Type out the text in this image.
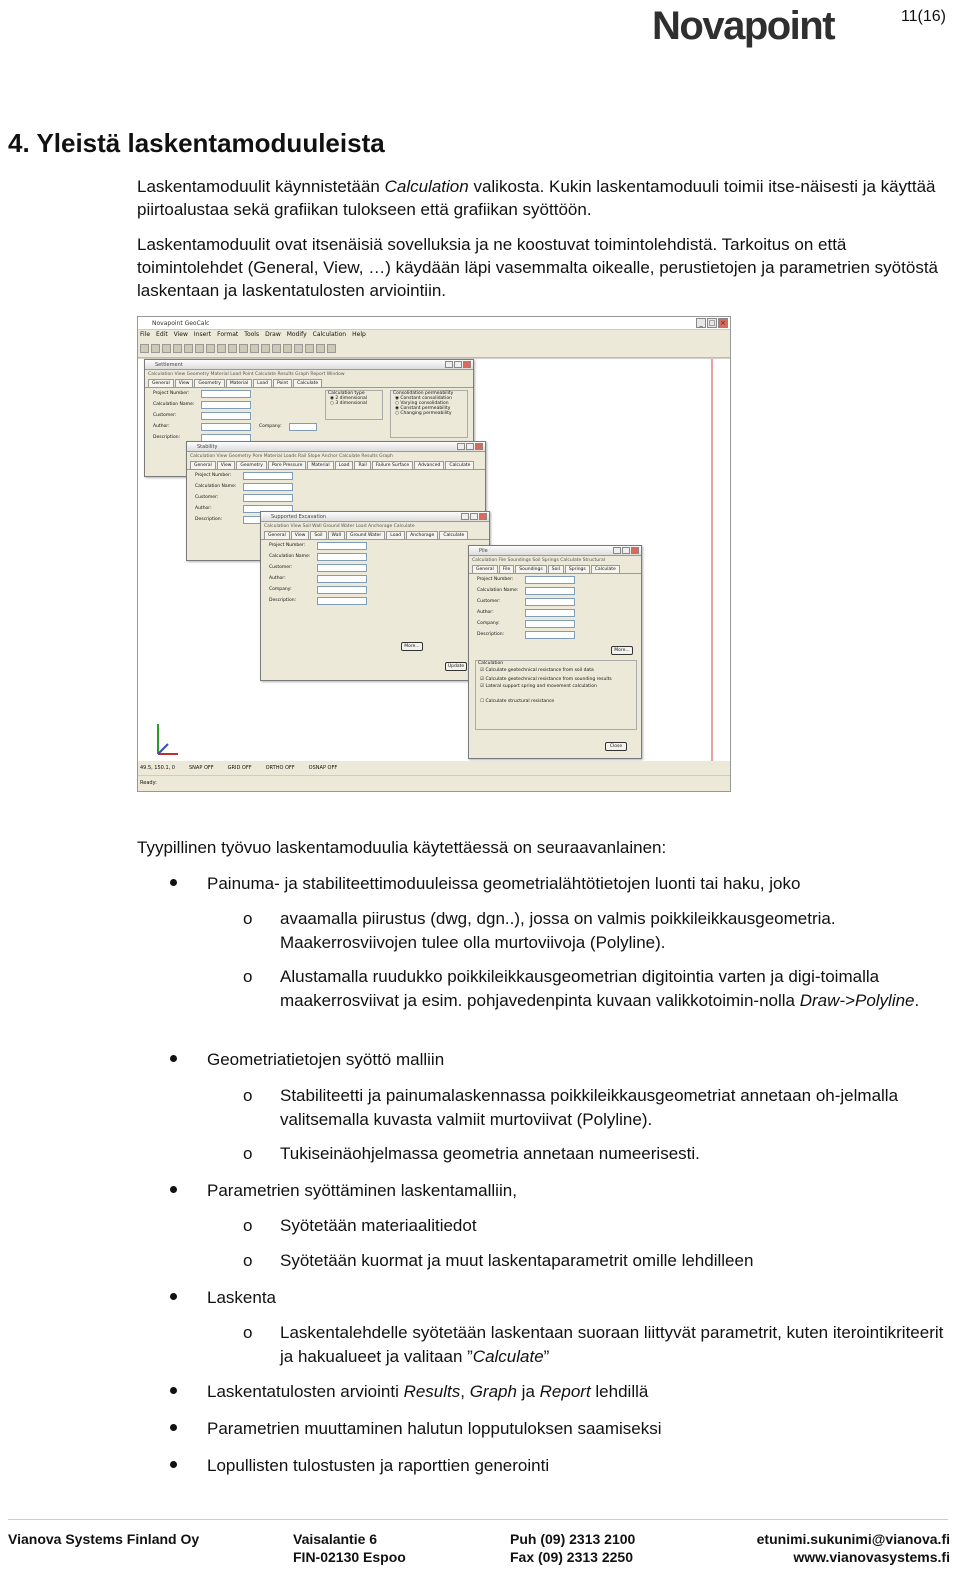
Novapoint	11(16)
4. Yleistä laskentamoduuleista

Laskentamoduulit käynnistetään Calculation valikosta. Kukin laskentamoduuli toimii itse-näisesti ja käyttää piirtoalustaa sekä grafiikan tulokseen että grafiikan syöttöön.

Laskentamoduulit ovat itsenäisiä sovelluksia ja ne koostuvat toimintolehdistä. Tarkoitus on että toimintolehdet (General, View, …) käydään läpi vasemmalta oikealle, perustietojen ja parametrien syötöstä laskentaan ja laskentatulosten arviointiin.

Novapoint GeoCalc	_ □ ×
File Edit View Insert Format Tools Draw Modify Calculation Help
Settlement
Calculation View Geometry Material Load Point Calculate Results Graph Report Window
General	View	Geometry	Material	Load	Point	Calculate
Project Number:
Calculation Name:
Customer:
Author:	Company:
Description:
Calculation type
◉ 2 dimensional
○ 3 dimensional
Consolidation permeability
◉ Constant consolidation
○ Varying consolidation
◉ Constant permeability
○ Changing permeability
Stability
Calculation View Geometry Pore Material Loads Rail Slope Anchor Calculate Results Graph
General	View	Geometry	Pore Pressure	Material	Load	Rail	Failure Surface	Advanced	Calculate
Project Number:
Calculation Name:
Customer:
Author:
Description:	Supported Excavation
Calculation View Soil Wall Ground Water Load Anchorage Calculate
General	View	Soil	Wall	Ground Water	Load	Anchorage	Calculate
Project Number:
Calculation Name:
Customer:
Author:
Company:
Description:
More...
Update
Pile
Calculation File Soundings Soil Springs Calculate Structural
General	File	Soundings	Soil	Springs	Calculate
Project Number:
Calculation Name:
Customer:
Author:
Company:
Description:
More...
Calculation
☑ Calculate geotechnical resistance from soil data
☑ Calculate geotechnical resistance from sounding results
☑ Lateral support spring and movement calculation
☐ Calculate structural resistance
Close
49.5, 150.1, 0	SNAP OFF	GRID OFF	ORTHO OFF	OSNAP OFF
Ready:

Tyypillinen työvuo laskentamoduulia käytettäessä on seuraavanlainen:

Painuma- ja stabiliteettimoduuleissa geometrialähtötietojen luonti tai haku, joko
o avaamalla piirustus (dwg, dgn..), jossa on valmis poikkileikkausgeometria. Maakerrosviivojen tulee olla murtoviivoja (Polyline).
o Alustamalla ruudukko poikkileikkausgeometrian digitointia varten ja digi-toimalla maakerrosviivat ja esim. pohjavedenpinta kuvaan valikkotoimin-nolla Draw->Polyline.
Geometriatietojen syöttö malliin
o Stabiliteetti ja painumalaskennassa poikkileikkausgeometriat annetaan oh-jelmalla valitsemalla kuvasta valmiit murtoviivat (Polyline).
o Tukiseinäohjelmassa geometria annetaan numeerisesti.
Parametrien syöttäminen laskentamalliin,
o Syötetään materiaalitiedot
o Syötetään kuormat ja muut laskentaparametrit omille lehdilleen
Laskenta
o Laskentalehdelle syötetään laskentaan suoraan liittyvät parametrit, kuten iterointikriteerit ja hakualueet ja valitaan ”Calculate”
Laskentatulosten arviointi Results, Graph ja Report lehdillä
Parametrien muuttaminen halutun lopputuloksen saamiseksi
Lopullisten tulostusten ja raporttien generointi
Vianova Systems Finland Oy	Vaisalantie 6
FIN-02130 Espoo
Puh (09) 2313 2100
Fax (09) 2313 2250
etunimi.sukunimi@vianova.fi
www.vianovasystems.fi
